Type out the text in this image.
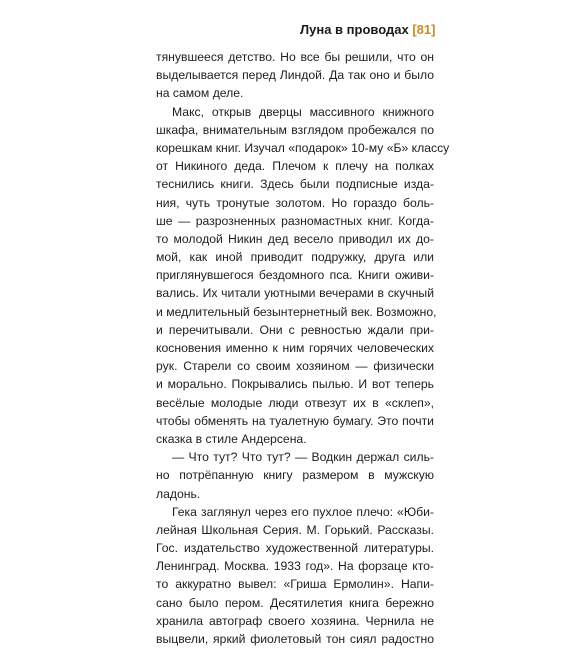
Луна в проводах [81]
тянувшееся детство. Но все бы решили, что он
выделывается перед Линдой. Да так оно и было
на самом деле.
Макс, открыв дверцы массивного книжного
шкафа, внимательным взглядом пробежался по
корешкам книг. Изучал «подарок» 10-му «Б» классу
от Никиного деда. Плечом к плечу на полках
теснились книги. Здесь были подписные изда-
ния, чуть тронутые золотом. Но гораздо боль-
ше — разрозненных разномастных книг. Когда-
то молодой Никин дед весело приводил их до-
мой, как иной приводит подружку, друга или
приглянувшегося бездомного пса. Книги оживи-
вались. Их читали уютными вечерами в скучный
и медлительный безынтернетный век. Возможно,
и перечитывали. Они с ревностью ждали при-
косновения именно к ним горячих человеческих
рук. Старели со своим хозяином — физически
и морально. Покрывались пылью. И вот теперь
весёлые молодые люди отвезут их в «склеп»,
чтобы обменять на туалетную бумагу. Это почти
сказка в стиле Андерсена.
— Что тут? Что тут? — Водкин держал силь-
но потрёпанную книгу размером в мужскую
ладонь.
Гека заглянул через его пухлое плечо: «Юби-
лейная Школьная Серия. М. Горький. Рассказы.
Гос. издательство художественной литературы.
Ленинград. Москва. 1933 год». На форзаце кто-
то аккуратно вывел: «Гриша Ермолин». Напи-
сано было пером. Десятилетия книга бережно
хранила автограф своего хозяина. Чернила не
выцвели, яркий фиолетовый тон сиял радостно
